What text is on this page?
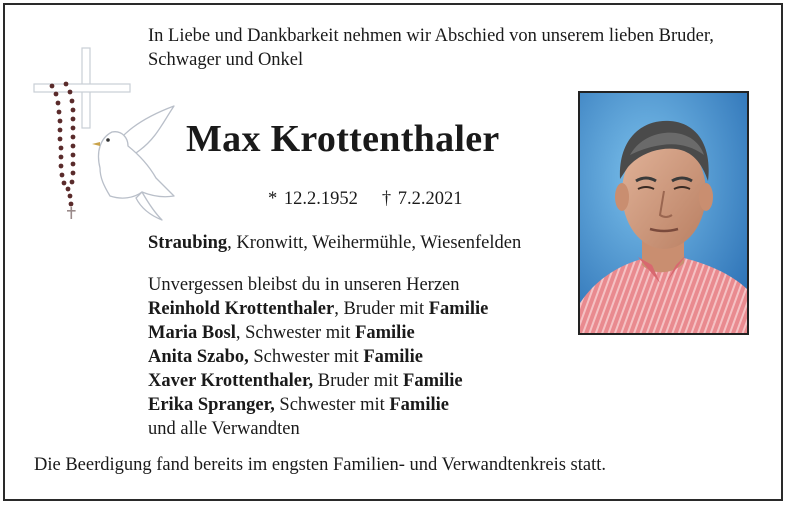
In Liebe und Dankbarkeit nehmen wir Abschied von unserem lieben Bruder, Schwager und Onkel
Max Krottenthaler
* 12.2.1952 † 7.2.2021
Straubing, Kronwitt, Weihermühle, Wiesenfelden
Unvergessen bleibst du in unseren Herzen
Reinhold Krottenthaler, Bruder mit Familie
Maria Bosl, Schwester mit Familie
Anita Szabo, Schwester mit Familie
Xaver Krottenthaler, Bruder mit Familie
Erika Spranger, Schwester mit Familie
und alle Verwandten
Die Beerdigung fand bereits im engsten Familien- und Verwandtenkreis statt.
